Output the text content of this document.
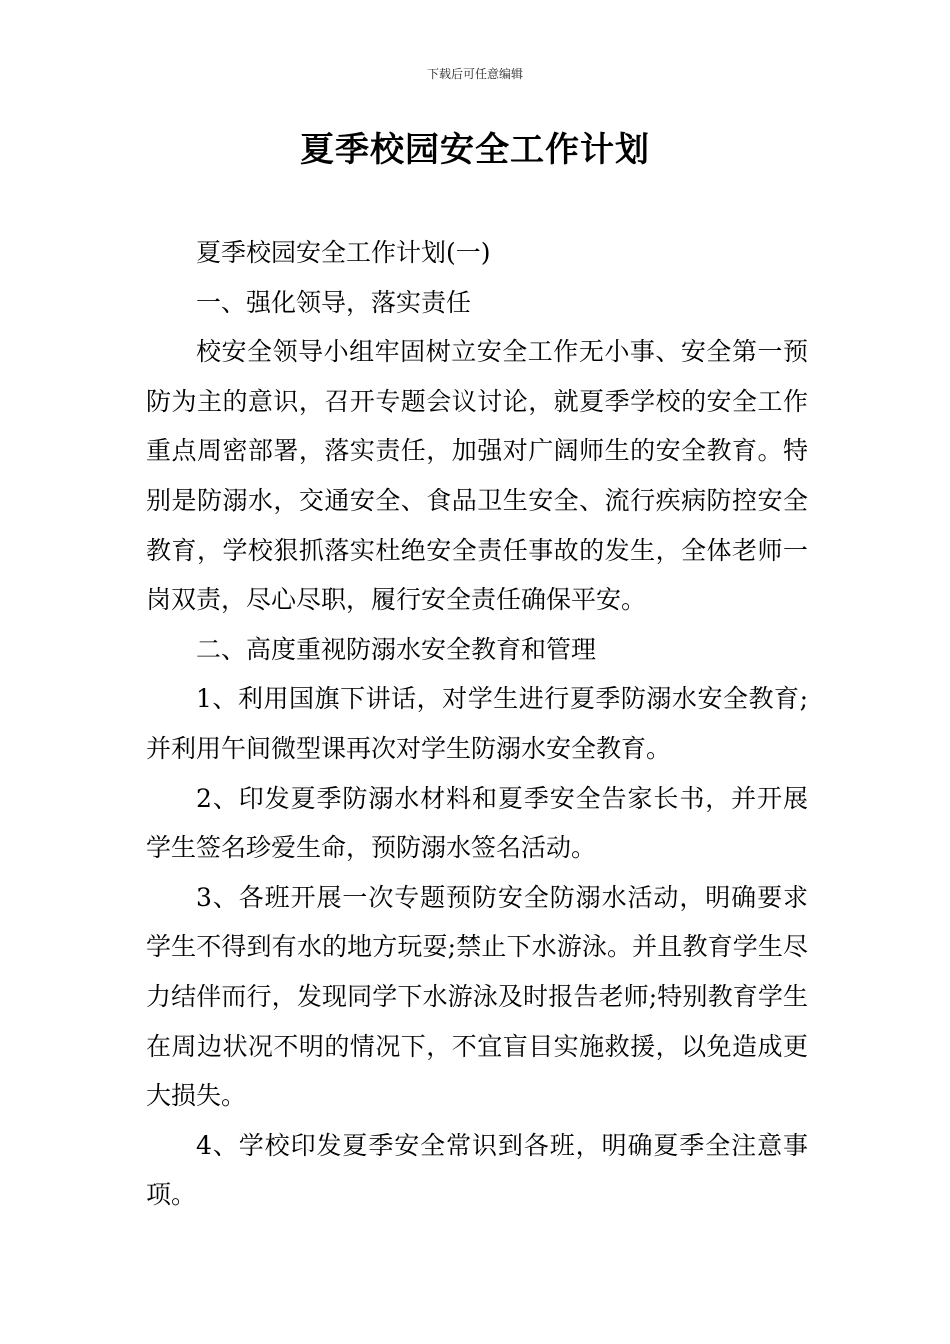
下载后可任意编辑
夏季校园安全工作计划

夏季校园安全工作计划(一)

一、强化领导，落实责任

校安全领导小组牢固树立安全工作无小事、安全第一预防为主的意识，召开专题会议讨论，就夏季学校的安全工作重点周密部署，落实责任，加强对广阔师生的安全教育。特别是防溺水，交通安全、食品卫生安全、流行疾病防控安全教育，学校狠抓落实杜绝安全责任事故的发生，全体老师一岗双责，尽心尽职，履行安全责任确保平安。

二、高度重视防溺水安全教育和管理

1、利用国旗下讲话，对学生进行夏季防溺水安全教育;并利用午间微型课再次对学生防溺水安全教育。

2、印发夏季防溺水材料和夏季安全告家长书，并开展学生签名珍爱生命，预防溺水签名活动。

3、各班开展一次专题预防安全防溺水活动，明确要求学生不得到有水的地方玩耍;禁止下水游泳。并且教育学生尽力结伴而行，发现同学下水游泳及时报告老师;特别教育学生在周边状况不明的情况下，不宜盲目实施救援，以免造成更大损失。

4、学校印发夏季安全常识到各班，明确夏季全注意事项。
